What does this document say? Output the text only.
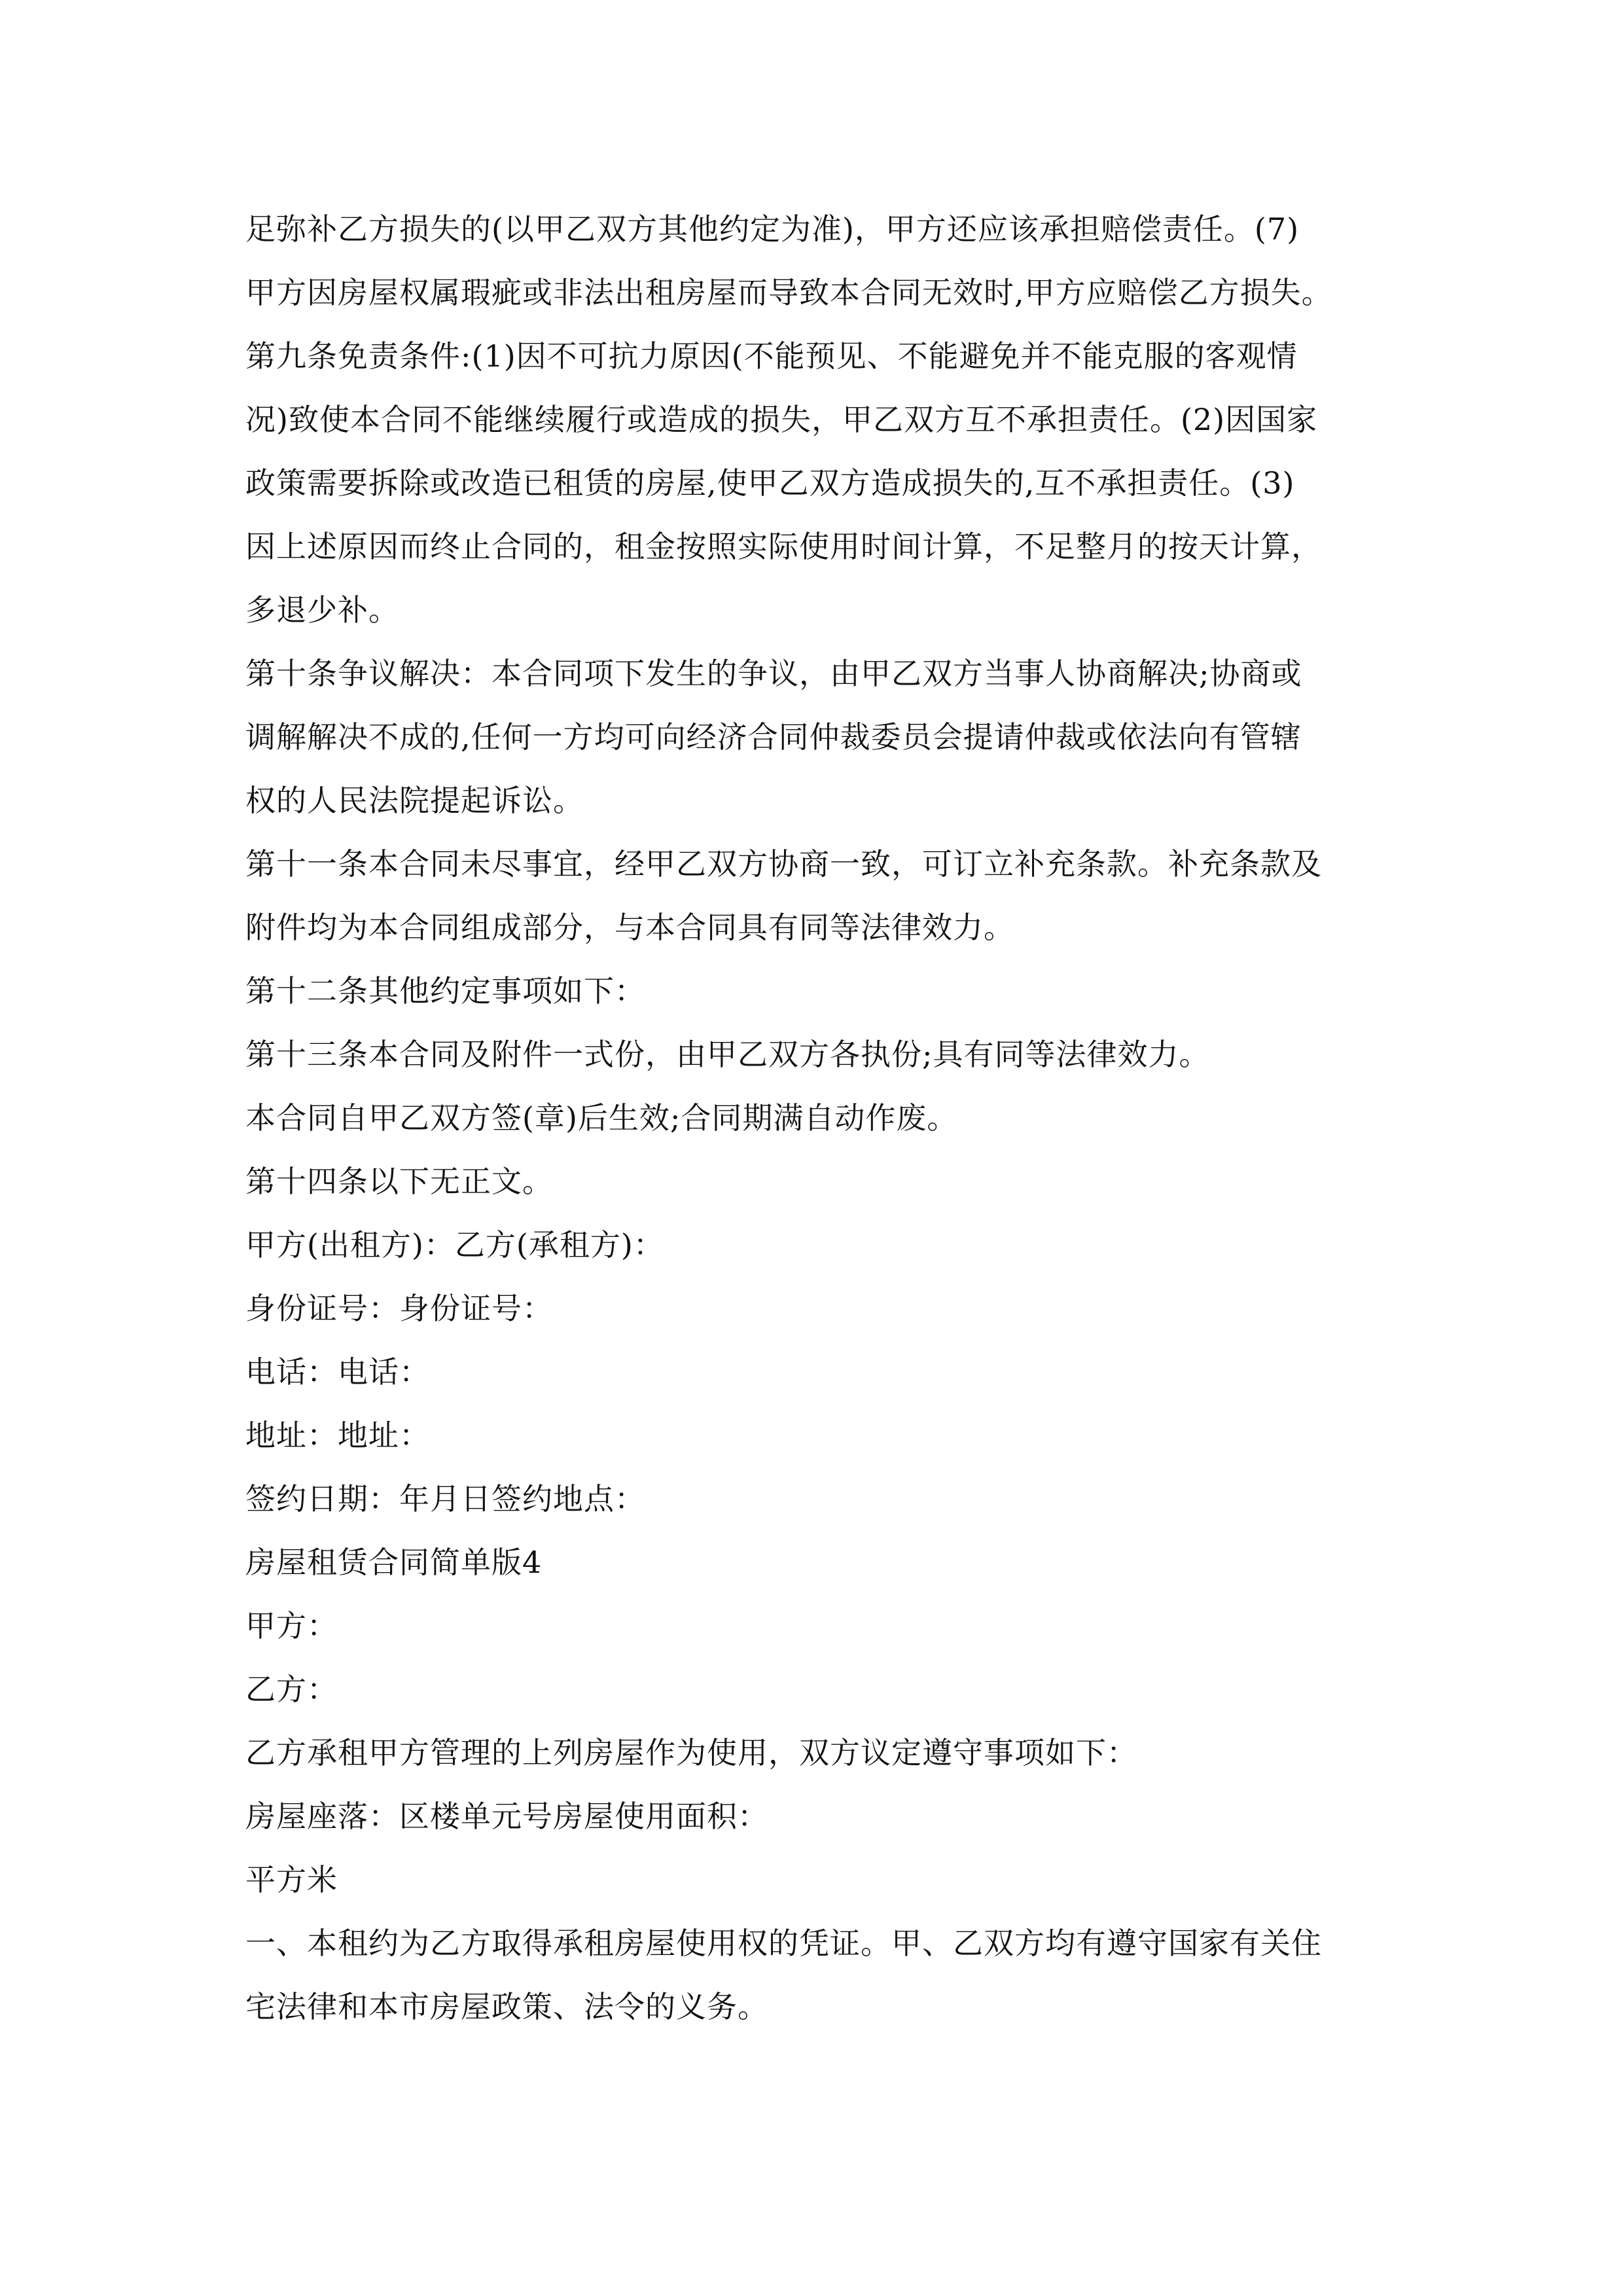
足弥补乙方损失的(以甲乙双方其他约定为准)，甲方还应该承担赔偿责任。(7)
甲方因房屋权属瑕疵或非法出租房屋而导致本合同无效时,甲方应赔偿乙方损失。
第九条免责条件:(1)因不可抗力原因(不能预见、不能避免并不能克服的客观情
况)致使本合同不能继续履行或造成的损失，甲乙双方互不承担责任。(2)因国家
政策需要拆除或改造已租赁的房屋,使甲乙双方造成损失的,互不承担责任。(3)
因上述原因而终止合同的，租金按照实际使用时间计算，不足整月的按天计算，
多退少补。
第十条争议解决：本合同项下发生的争议，由甲乙双方当事人协商解决;协商或
调解解决不成的,任何一方均可向经济合同仲裁委员会提请仲裁或依法向有管辖
权的人民法院提起诉讼。
第十一条本合同未尽事宜，经甲乙双方协商一致，可订立补充条款。补充条款及
附件均为本合同组成部分，与本合同具有同等法律效力。
第十二条其他约定事项如下：
第十三条本合同及附件一式份，由甲乙双方各执份;具有同等法律效力。
本合同自甲乙双方签(章)后生效;合同期满自动作废。
第十四条以下无正文。
甲方(出租方)：乙方(承租方)：
身份证号：身份证号：
电话：电话：
地址：地址：
签约日期：年月日签约地点：
房屋租赁合同简单版4
甲方：
乙方：
乙方承租甲方管理的上列房屋作为使用，双方议定遵守事项如下：
房屋座落：区楼单元号房屋使用面积：
平方米
一、本租约为乙方取得承租房屋使用权的凭证。甲、乙双方均有遵守国家有关住
宅法律和本市房屋政策、法令的义务。
